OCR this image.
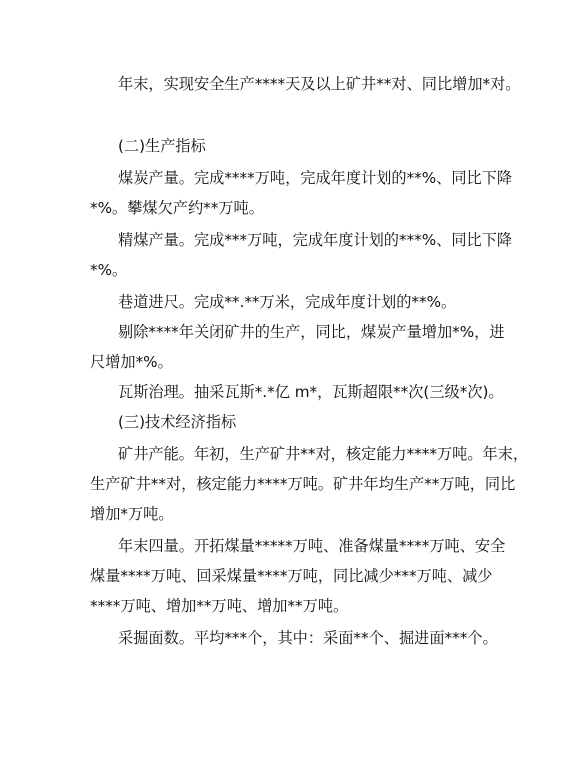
年末，实现安全生产****天及以上矿井**对、同比增加*对。
(二)生产指标
煤炭产量。完成****万吨，完成年度计划的**%、同比下降
*%。攀煤欠产约**万吨。
精煤产量。完成***万吨，完成年度计划的***%、同比下降
*%。
巷道进尺。完成**.**万米，完成年度计划的**%。
剔除****年关闭矿井的生产，同比，煤炭产量增加*%，进
尺增加*%。
瓦斯治理。抽采瓦斯*.*亿 m*，瓦斯超限**次(三级*次)。
(三)技术经济指标
矿井产能。年初，生产矿井**对，核定能力****万吨。年末，
生产矿井**对，核定能力****万吨。矿井年均生产**万吨，同比
增加*万吨。
年末四量。开拓煤量*****万吨、准备煤量****万吨、安全
煤量****万吨、回采煤量****万吨，同比减少***万吨、减少
****万吨、增加**万吨、增加**万吨。
采掘面数。平均***个，其中：采面**个、掘进面***个。
